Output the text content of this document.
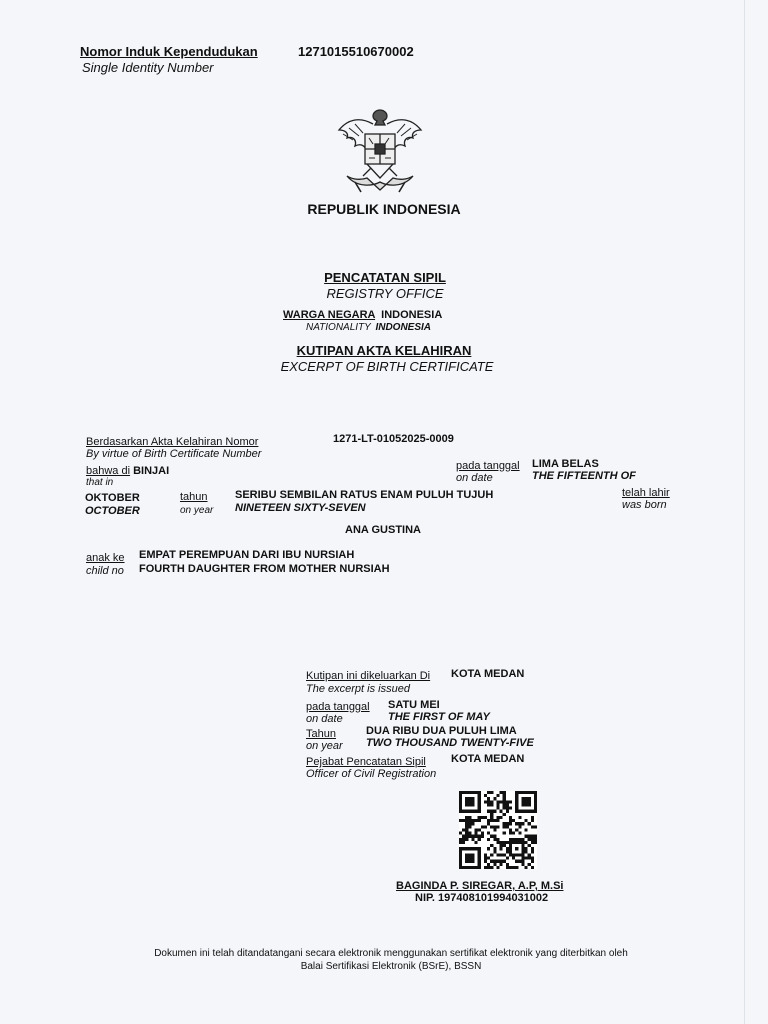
Nomor Induk Kependudukan
Single Identity Number
1271015510670002
REPUBLIK INDONESIA
PENCATATAN SIPIL
REGISTRY OFFICE
WARGA NEGARA INDONESIA
NATIONALITY INDONESIA
KUTIPAN AKTA KELAHIRAN
EXCERPT OF BIRTH CERTIFICATE
Berdasarkan Akta Kelahiran Nomor
By virtue of Birth Certificate Number
1271-LT-01052025-0009
bahwa di BINJAI
that in
pada tanggal
on date
LIMA BELAS
THE FIFTEENTH OF
OKTOBER
OCTOBER
tahun
on year
SERIBU SEMBILAN RATUS ENAM PULUH TUJUH
NINETEEN SIXTY-SEVEN
telah lahir
was born
ANA GUSTINA
anak ke
child no
EMPAT PEREMPUAN DARI IBU NURSIAH
FOURTH DAUGHTER FROM MOTHER NURSIAH
Kutipan ini dikeluarkan Di
The excerpt is issued
KOTA MEDAN
pada tanggal
on date
SATU MEI
THE FIRST OF MAY
Tahun
on year
DUA RIBU DUA PULUH LIMA
TWO THOUSAND TWENTY-FIVE
Pejabat Pencatatan Sipil
Officer of Civil Registration
KOTA MEDAN
BAGINDA P. SIREGAR, A.P, M.Si
NIP. 197408101994031002
Dokumen ini telah ditandatangani secara elektronik menggunakan sertifikat elektronik yang diterbitkan oleh
Balai Sertifikasi Elektronik (BSrE), BSSN
